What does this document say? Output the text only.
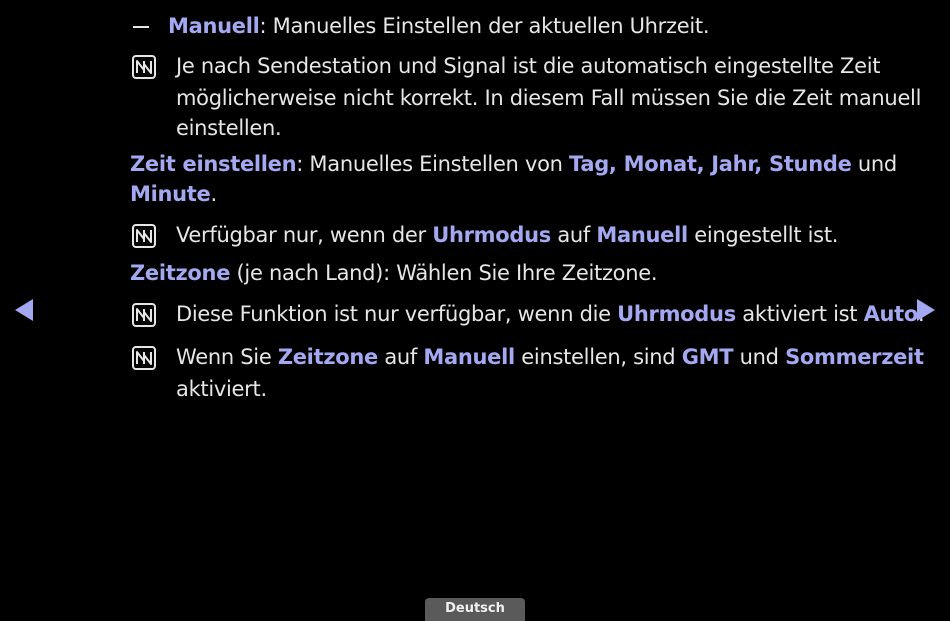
Manuell: Manuelles Einstellen der aktuellen Uhrzeit.
Je nach Sendestation und Signal ist die automatisch eingestellte Zeit
möglicherweise nicht korrekt. In diesem Fall müssen Sie die Zeit manuell
einstellen.
Zeit einstellen: Manuelles Einstellen von Tag, Monat, Jahr, Stunde und
Minute.
Verfügbar nur, wenn der Uhrmodus auf Manuell eingestellt ist.
Zeitzone (je nach Land): Wählen Sie Ihre Zeitzone.
Diese Funktion ist nur verfügbar, wenn die Uhrmodus aktiviert ist Auto.
Wenn Sie Zeitzone auf Manuell einstellen, sind GMT und Sommerzeit
aktiviert.
Deutsch
